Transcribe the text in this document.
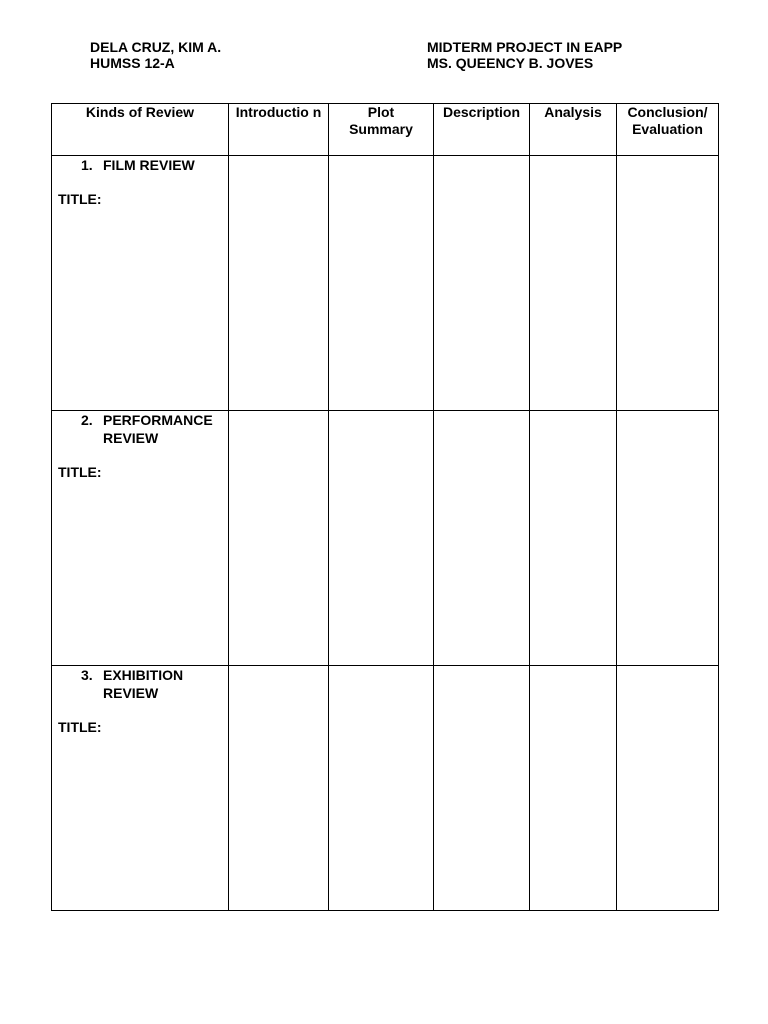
DELA CRUZ, KIM A.
HUMSS 12-A
MIDTERM PROJECT IN EAPP
MS. QUEENCY B. JOVES
Kinds of Review	Introductio n	Plot Summary	Description	Analysis	Conclusion/ Evaluation

1. FILM REVIEW
TITLE:					

2. PERFORMANCE REVIEW
TITLE:					

3. EXHIBITION REVIEW
TITLE:					
